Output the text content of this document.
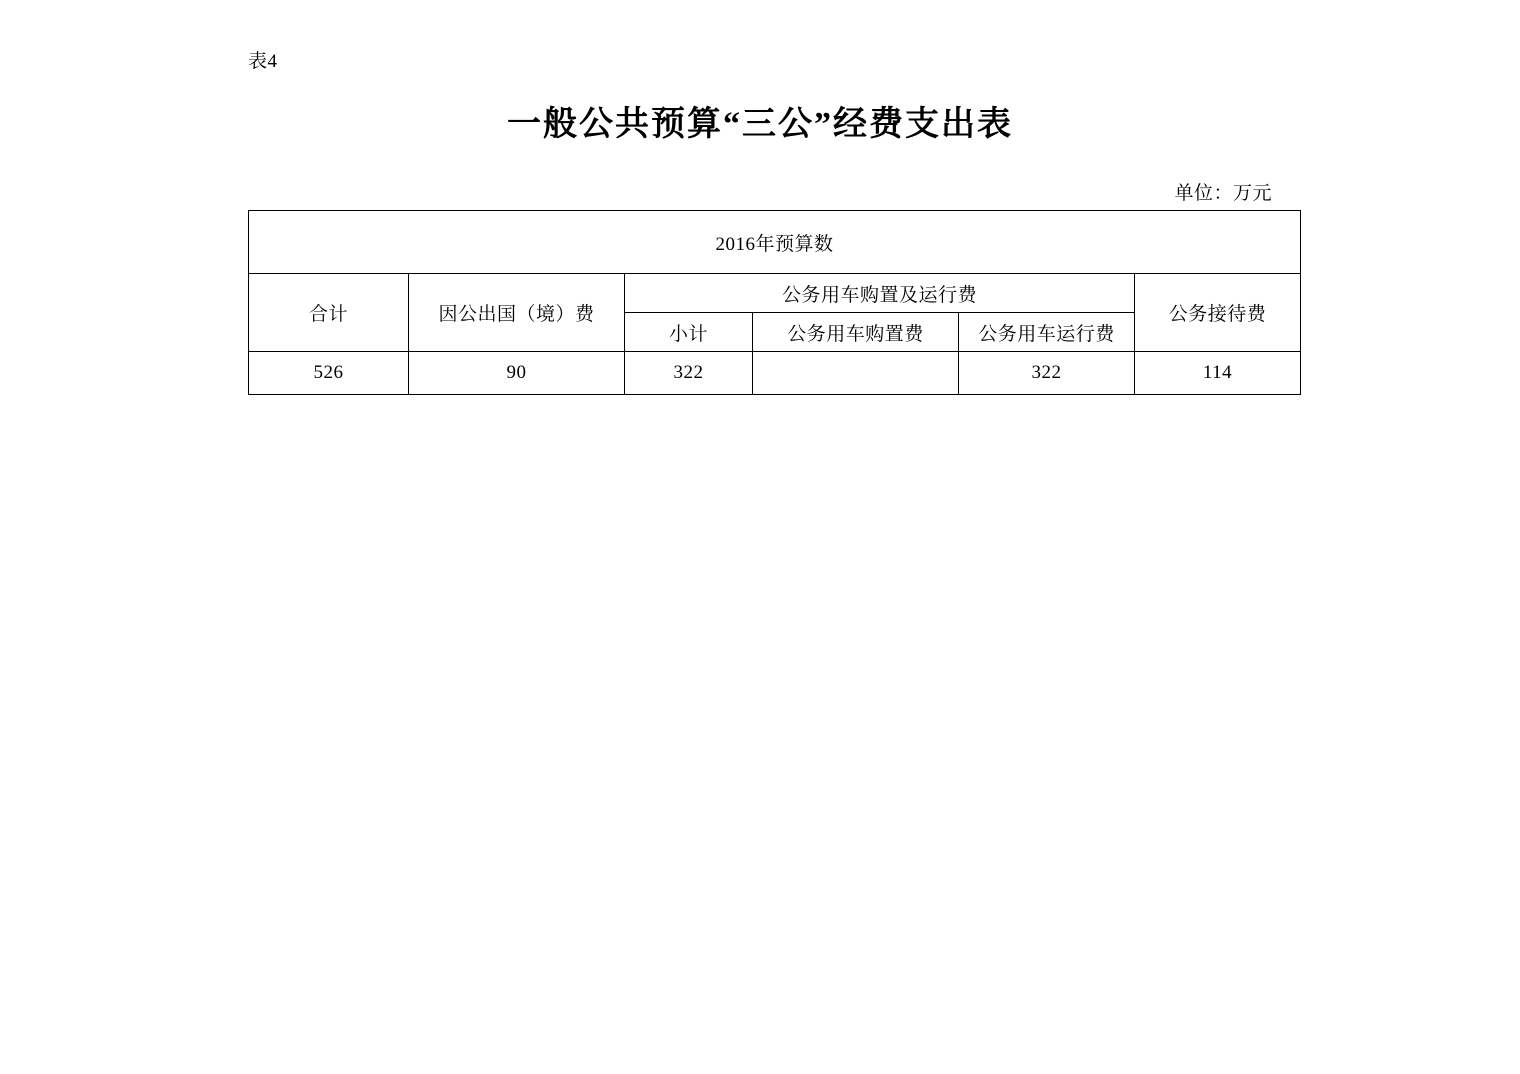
表4
一般公共预算“三公”经费支出表
单位：万元
2016年预算数					
合计	因公出国（境）费	公务用车购置及运行费			公务接待费
		小计	公务用车购置费	公务用车运行费	
526	90	322		322	114
